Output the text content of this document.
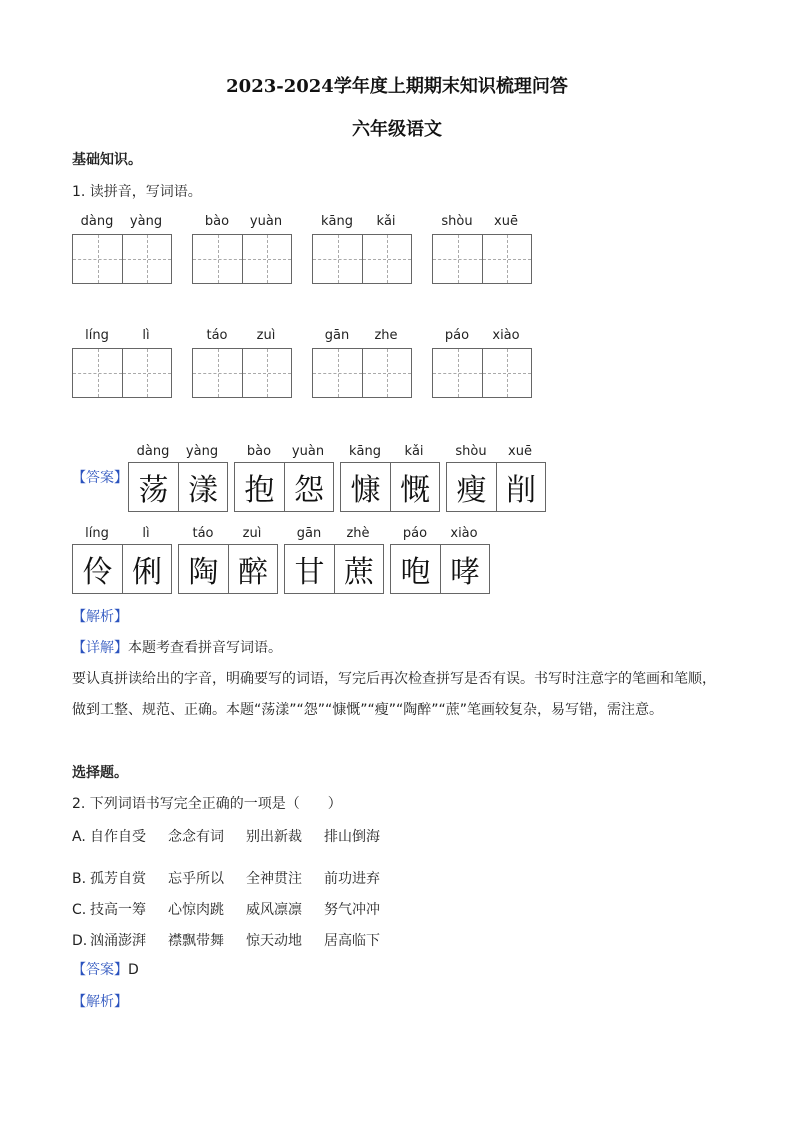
2023-2024学年度上期期末知识梳理问答
六年级语文
基础知识。
1. 读拼音，写词语。
dàng	yàng	bào	yuàn	kāng	kǎi	shòu	xuē
líng	lì	táo	zuì	gān	zhe	páo	xiào
【答案】
dàng	yàng
荡 漾
bào	yuàn
抱 怨
kāng	kǎi
慷 慨
shòu	xuē
瘦 削
líng	lì
伶 俐
táo	zuì
陶 醉
gān	zhè
甘 蔗
páo	xiào
咆 哮
【解析】
【详解】本题考查看拼音写词语。
要认真拼读给出的字音，明确要写的词语，写完后再次检查拼写是否有误。书写时注意字的笔画和笔顺，做到工整、规范、正确。本题“荡漾”“怨”“慷慨”“瘦”“陶醉”“蔗”笔画较复杂，易写错，需注意。
选择题。
2. 下列词语书写完全正确的一项是（　　）
A. 自作自受 念念有词 别出新裁 排山倒海
B. 孤芳自赏 忘乎所以 全神贯注 前功进弃
C. 技高一筹 心惊肉跳 威风凛凛 努气冲冲
D. 汹涌澎湃 襟飘带舞 惊天动地 居高临下
【答案】D
【解析】
